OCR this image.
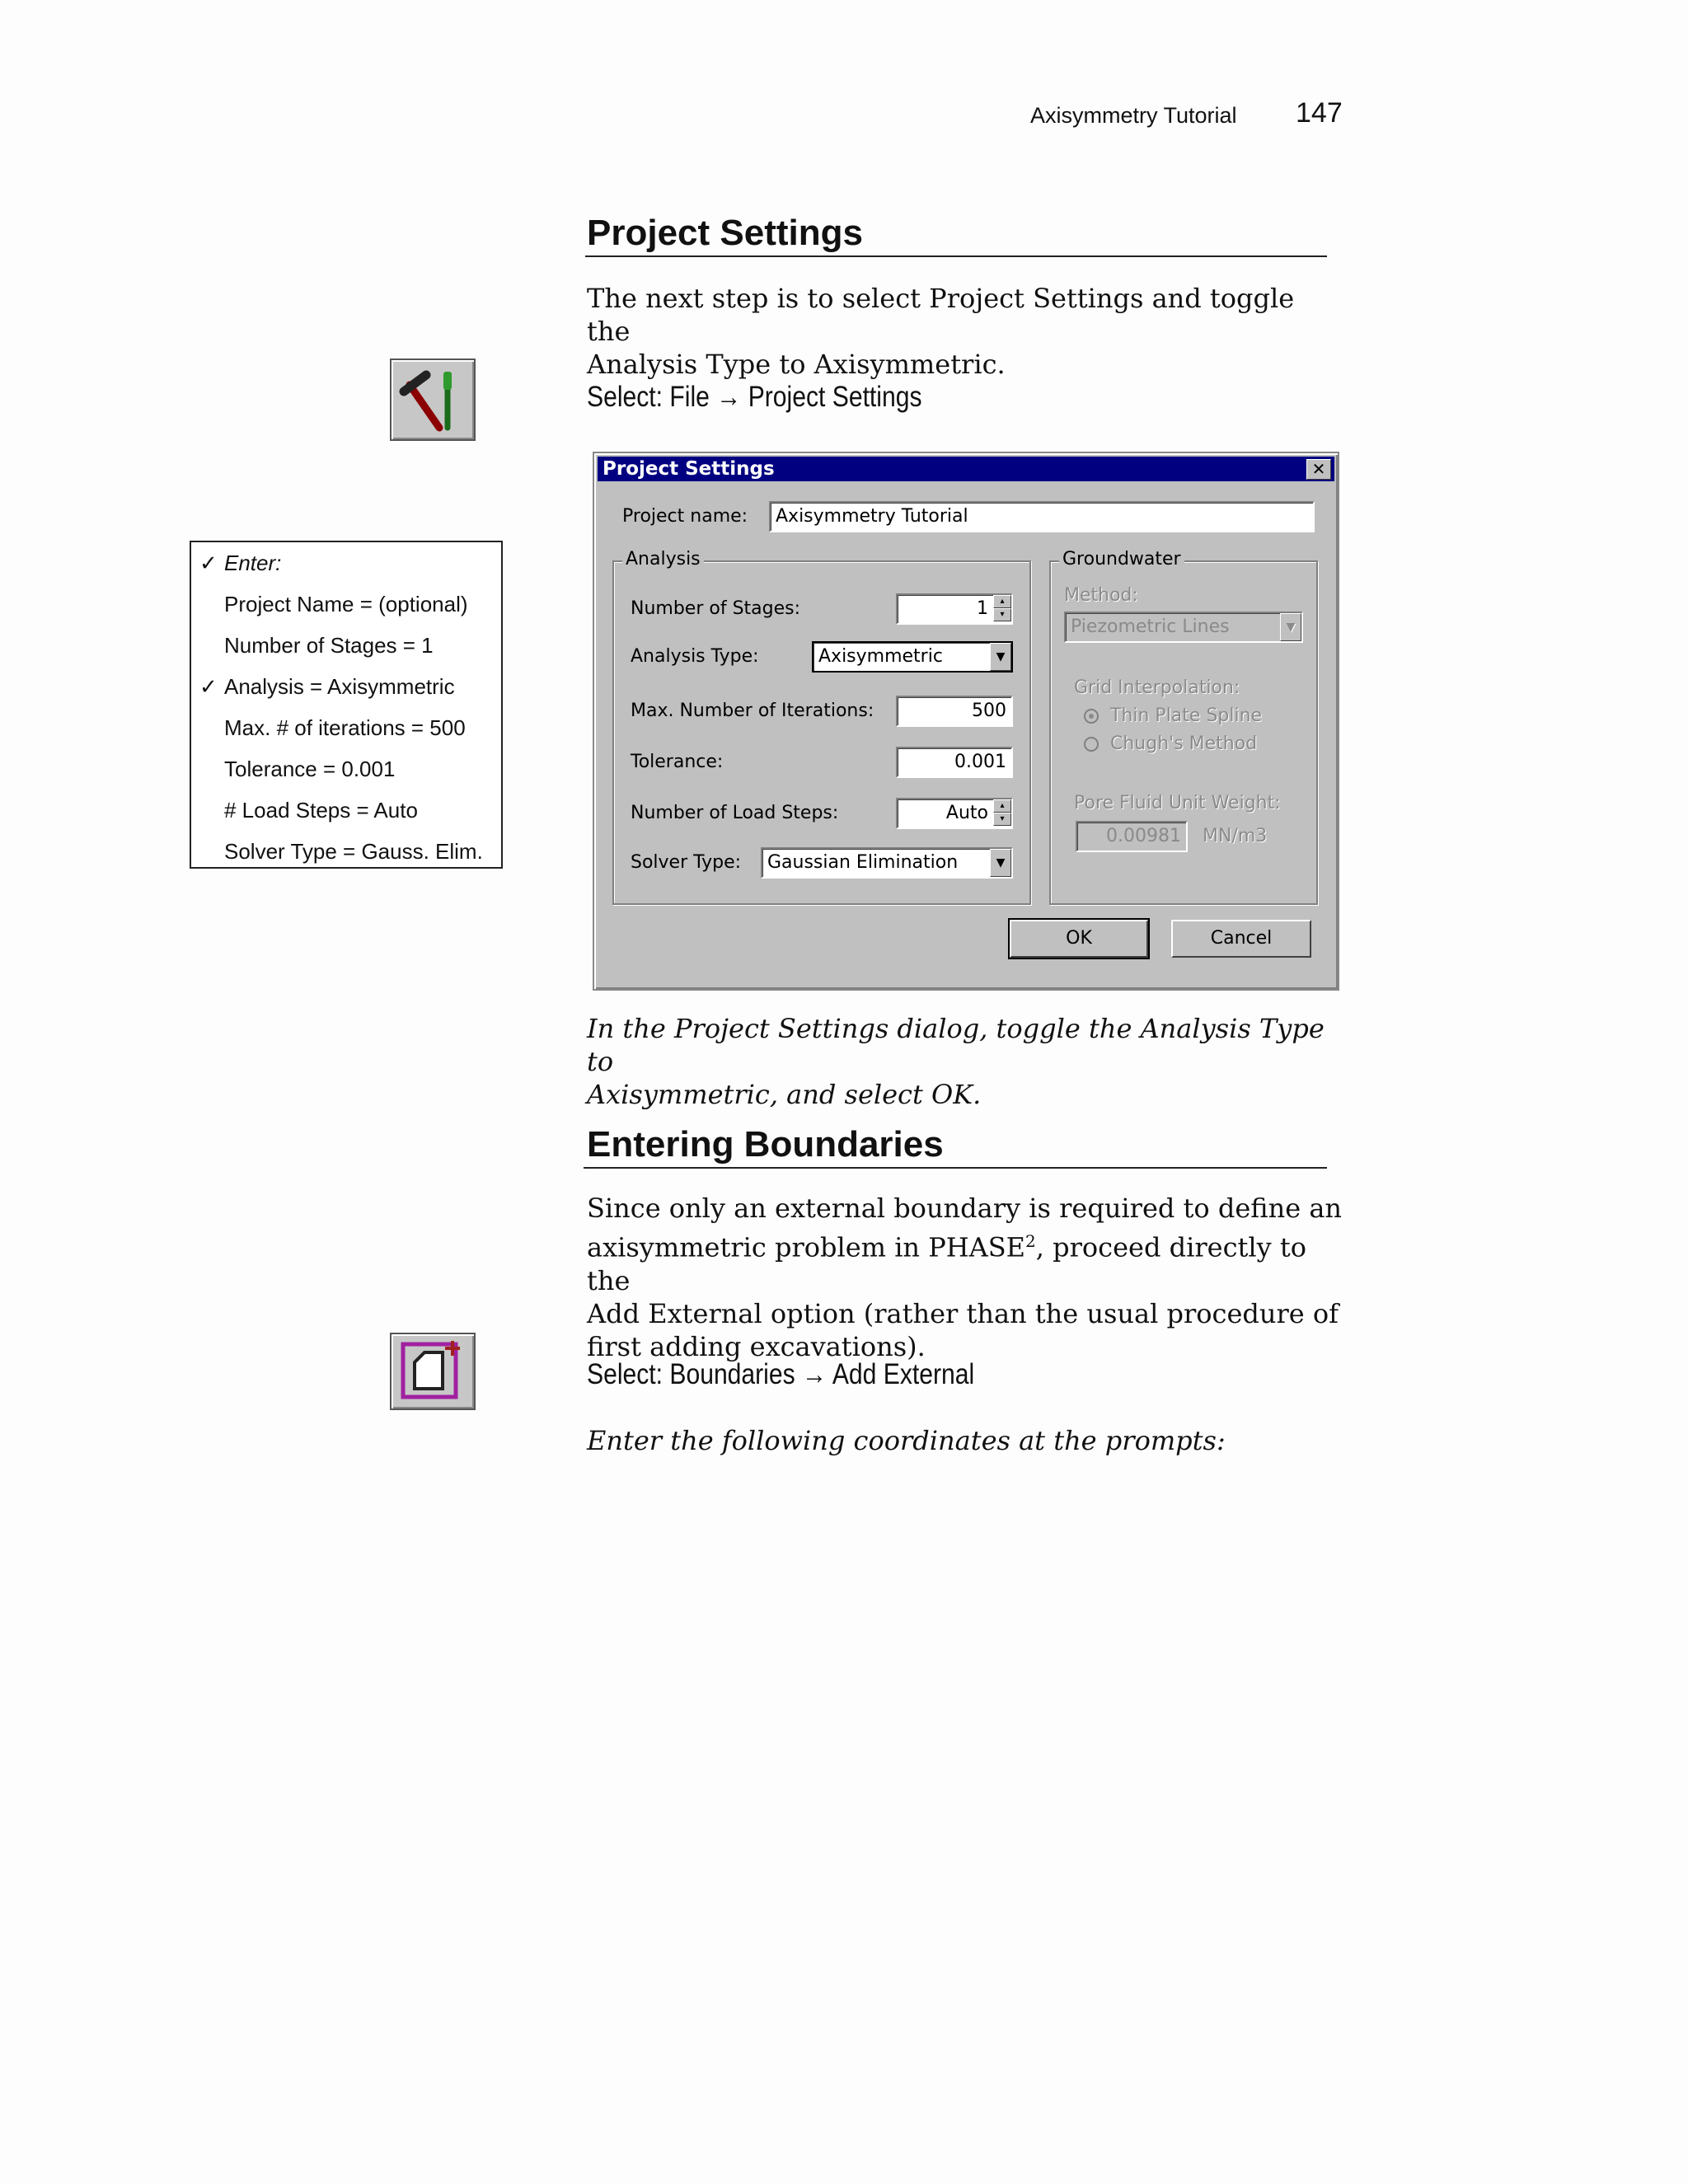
Axisymmetry Tutorial 147
Project Settings
The next step is to select Project Settings and toggle the
Analysis Type to Axisymmetric.
Select: File → Project Settings
✓ Enter:
Project Name = (optional)
Number of Stages = 1
✓ Analysis = Axisymmetric
Max. # of iterations = 500
Tolerance = 0.001
# Load Steps = Auto
Solver Type = Gauss. Elim.
Project Settings	✕
Project name:	Axisymmetry Tutorial
Analysis
Number of Stages:	1	▴
▾
Analysis Type:	Axisymmetric	▼
Max. Number of Iterations:	500
Tolerance:	0.001
Number of Load Steps:	Auto	▴
▾
Solver Type:	Gaussian Elimination	▼
Groundwater
Method:
Piezometric Lines	▼
Grid Interpolation:
Thin Plate Spline
Chugh's Method
Pore Fluid Unit Weight:
0.00981	MN/m3
OK	Cancel
In the Project Settings dialog, toggle the Analysis Type to
Axisymmetric, and select OK.
Entering Boundaries
Since only an external boundary is required to define an
axisymmetric problem in PHASE$^2$, proceed directly to the
Add External option (rather than the usual procedure of
first adding excavations).
Select: Boundaries → Add External
Enter the following coordinates at the prompts:
